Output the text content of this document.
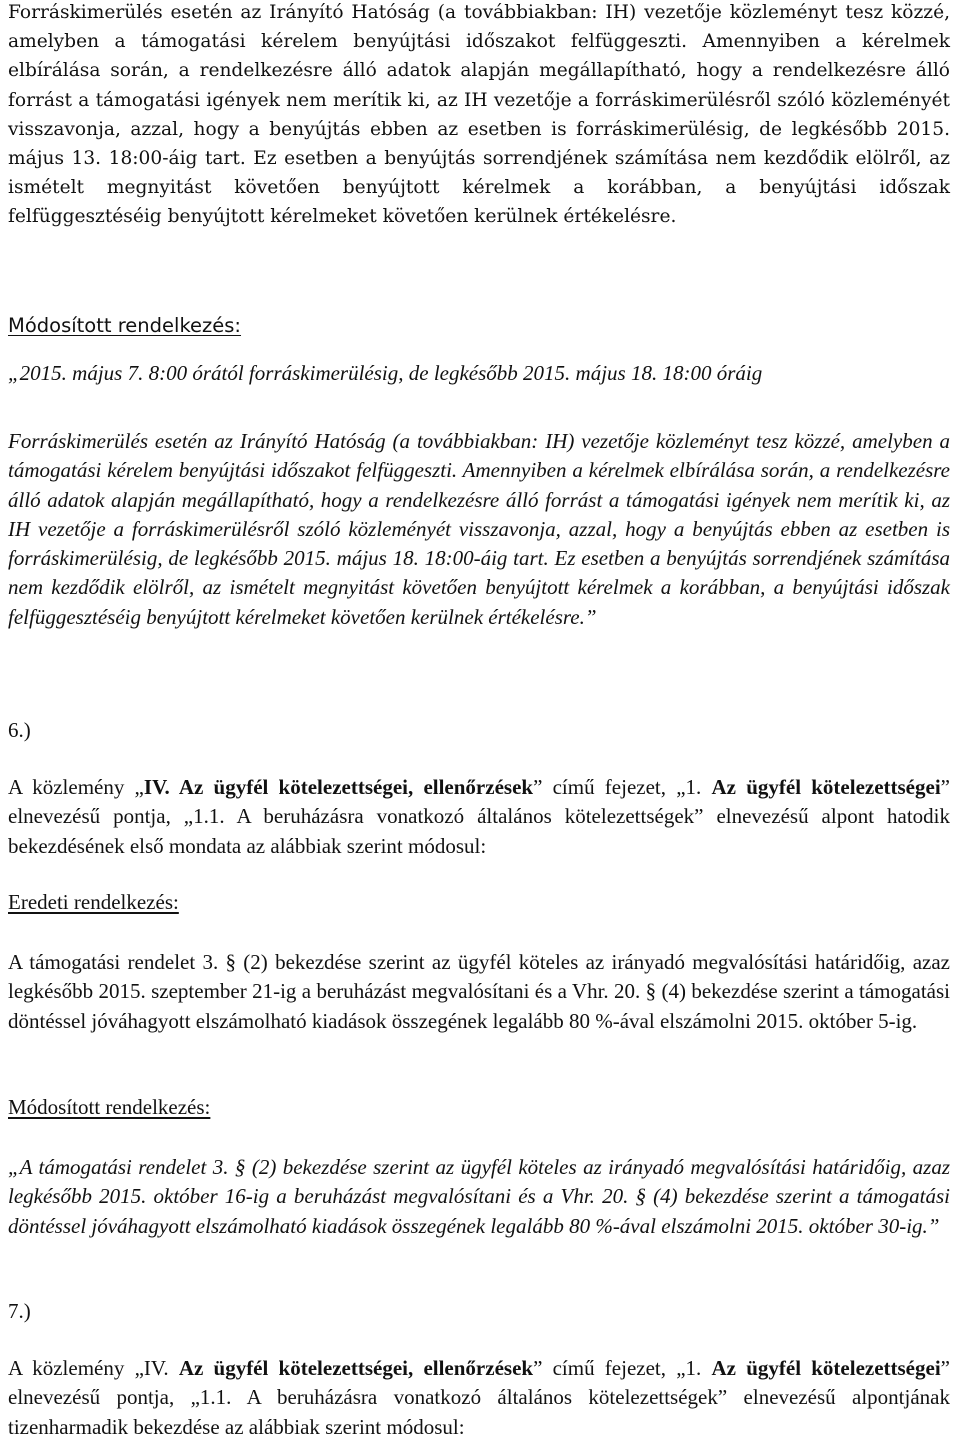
Forráskimerülés esetén az Irányító Hatóság (a továbbiakban: IH) vezetője közleményt tesz közzé, amelyben a támogatási kérelem benyújtási időszakot felfüggeszti. Amennyiben a kérelmek elbírálása során, a rendelkezésre álló adatok alapján megállapítható, hogy a rendelkezésre álló forrást a támogatási igények nem merítik ki, az IH vezetője a forráskimerülésről szóló közleményét visszavonja, azzal, hogy a benyújtás ebben az esetben is forráskimerülésig, de legkésőbb 2015. május 13. 18:00-áig tart. Ez esetben a benyújtás sorrendjének számítása nem kezdődik elölről, az ismételt megnyitást követően benyújtott kérelmek a korábban, a benyújtási időszak felfüggesztéséig benyújtott kérelmeket követően kerülnek értékelésre.

Módosított rendelkezés:
„2015. május 7. 8:00 órától forráskimerülésig, de legkésőbb 2015. május 18. 18:00 óráig

Forráskimerülés esetén az Irányító Hatóság (a továbbiakban: IH) vezetője közleményt tesz közzé, amelyben a támogatási kérelem benyújtási időszakot felfüggeszti. Amennyiben a kérelmek elbírálása során, a rendelkezésre álló adatok alapján megállapítható, hogy a rendelkezésre álló forrást a támogatási igények nem merítik ki, az IH vezetője a forráskimerülésről szóló közleményét visszavonja, azzal, hogy a benyújtás ebben az esetben is forráskimerülésig, de legkésőbb 2015. május 18. 18:00-áig tart. Ez esetben a benyújtás sorrendjének számítása nem kezdődik elölről, az ismételt megnyitást követően benyújtott kérelmek a korábban, a benyújtási időszak felfüggesztéséig benyújtott kérelmeket követően kerülnek értékelésre.”

6.)

A közlemény „IV. Az ügyfél kötelezettségei, ellenőrzések” című fejezet, „1. Az ügyfél kötelezettségei” elnevezésű pontja, „1.1. A beruházásra vonatkozó általános kötelezettségek” elnevezésű alpont hatodik bekezdésének első mondata az alábbiak szerint módosul:

Eredeti rendelkezés:

A támogatási rendelet 3. § (2) bekezdése szerint az ügyfél köteles az irányadó megvalósítási határidőig, azaz legkésőbb 2015. szeptember 21-ig a beruházást megvalósítani és a Vhr. 20. § (4) bekezdése szerint a támogatási döntéssel jóváhagyott elszámolható kiadások összegének legalább 80 %-ával elszámolni 2015. október 5-ig.

Módosított rendelkezés:

„A támogatási rendelet 3. § (2) bekezdése szerint az ügyfél köteles az irányadó megvalósítási határidőig, azaz legkésőbb 2015. október 16-ig a beruházást megvalósítani és a Vhr. 20. § (4) bekezdése szerint a támogatási döntéssel jóváhagyott elszámolható kiadások összegének legalább 80 %-ával elszámolni 2015. október 30-ig.”

7.)

A közlemény „IV. Az ügyfél kötelezettségei, ellenőrzések” című fejezet, „1. Az ügyfél kötelezettségei” elnevezésű pontja, „1.1. A beruházásra vonatkozó általános kötelezettségek” elnevezésű alpontjának tizenharmadik bekezdése az alábbiak szerint módosul:
